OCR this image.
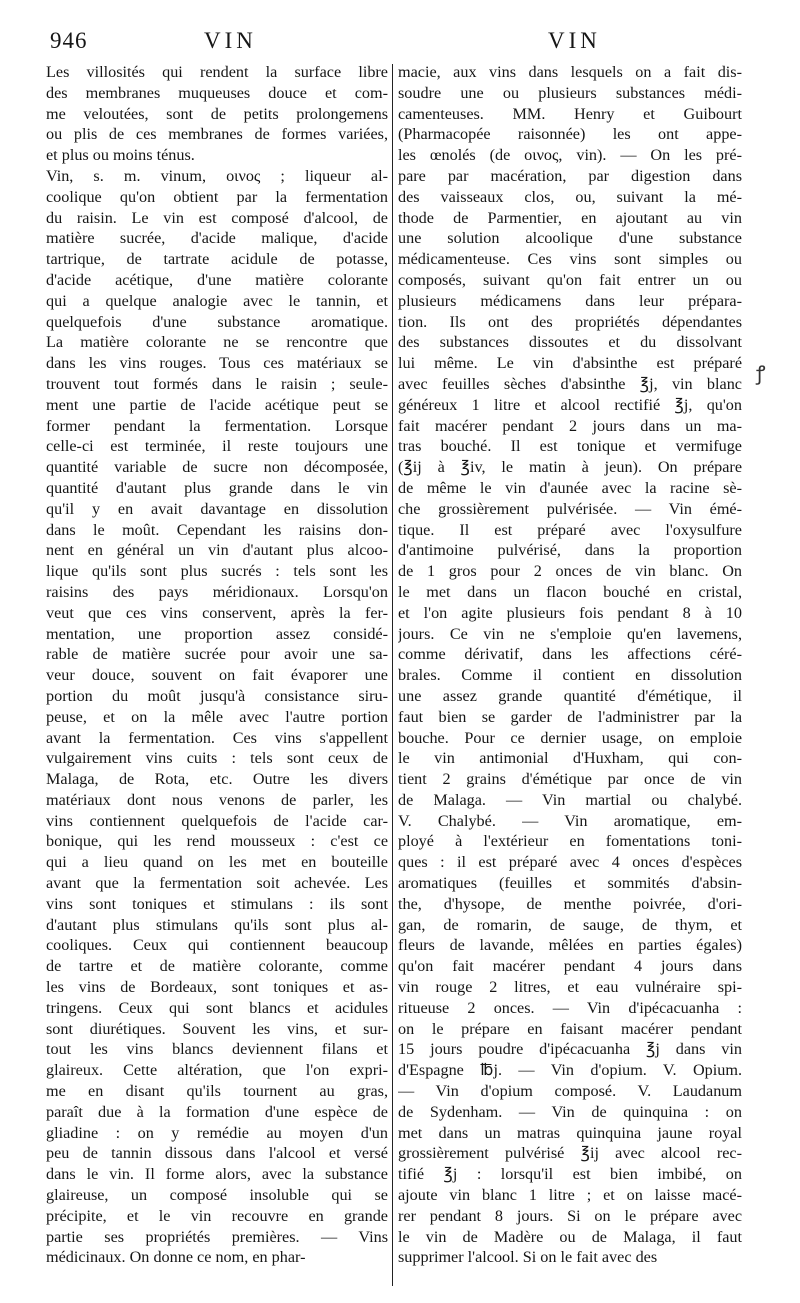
946	VIN	VIN
Les villosités qui rendent la surface libre
des membranes muqueuses douce et com-
me veloutées, sont de petits prolongemens
ou plis de ces membranes de formes variées,
et plus ou moins ténus.
Vin, s. m. vinum, οινος ; liqueur al-
coolique qu'on obtient par la fermentation
du raisin. Le vin est composé d'alcool, de
matière sucrée, d'acide malique, d'acide
tartrique, de tartrate acidule de potasse,
d'acide acétique, d'une matière colorante
qui a quelque analogie avec le tannin, et
quelquefois d'une substance aromatique.
La matière colorante ne se rencontre que
dans les vins rouges. Tous ces matériaux se
trouvent tout formés dans le raisin ; seule-
ment une partie de l'acide acétique peut se
former pendant la fermentation. Lorsque
celle-ci est terminée, il reste toujours une
quantité variable de sucre non décomposée,
quantité d'autant plus grande dans le vin
qu'il y en avait davantage en dissolution
dans le moût. Cependant les raisins don-
nent en général un vin d'autant plus alcoo-
lique qu'ils sont plus sucrés : tels sont les
raisins des pays méridionaux. Lorsqu'on
veut que ces vins conservent, après la fer-
mentation, une proportion assez considé-
rable de matière sucrée pour avoir une sa-
veur douce, souvent on fait évaporer une
portion du moût jusqu'à consistance siru-
peuse, et on la mêle avec l'autre portion
avant la fermentation. Ces vins s'appellent
vulgairement vins cuits : tels sont ceux de
Malaga, de Rota, etc. Outre les divers
matériaux dont nous venons de parler, les
vins contiennent quelquefois de l'acide car-
bonique, qui les rend mousseux : c'est ce
qui a lieu quand on les met en bouteille
avant que la fermentation soit achevée. Les
vins sont toniques et stimulans : ils sont
d'autant plus stimulans qu'ils sont plus al-
cooliques. Ceux qui contiennent beaucoup
de tartre et de matière colorante, comme
les vins de Bordeaux, sont toniques et as-
tringens. Ceux qui sont blancs et acidules
sont diurétiques. Souvent les vins, et sur-
tout les vins blancs deviennent filans et
glaireux. Cette altération, que l'on expri-
me en disant qu'ils tournent au gras,
paraît due à la formation d'une espèce de
gliadine : on y remédie au moyen d'un
peu de tannin dissous dans l'alcool et versé
dans le vin. Il forme alors, avec la substance
glaireuse, un composé insoluble qui se
précipite, et le vin recouvre en grande
partie ses propriétés premières. — Vins
médicinaux. On donne ce nom, en phar-
macie, aux vins dans lesquels on a fait dis-
soudre une ou plusieurs substances médi-
camenteuses. MM. Henry et Guibourt
(Pharmacopée raisonnée) les ont appe-
les œnolés (de οινος, vin). — On les pré-
pare par macération, par digestion dans
des vaisseaux clos, ou, suivant la mé-
thode de Parmentier, en ajoutant au vin
une solution alcoolique d'une substance
médicamenteuse. Ces vins sont simples ou
composés, suivant qu'on fait entrer un ou
plusieurs médicamens dans leur prépara-
tion. Ils ont des propriétés dépendantes
des substances dissoutes et du dissolvant
lui même. Le vin d'absinthe est préparé
avec feuilles sèches d'absinthe ℥j, vin blanc
généreux 1 litre et alcool rectifié ℥j, qu'on
fait macérer pendant 2 jours dans un ma-
tras bouché. Il est tonique et vermifuge
(℥ij à ℥iv, le matin à jeun). On prépare
de même le vin d'aunée avec la racine sè-
che grossièrement pulvérisée. — Vin émé-
tique. Il est préparé avec l'oxysulfure
d'antimoine pulvérisé, dans la proportion
de 1 gros pour 2 onces de vin blanc. On
le met dans un flacon bouché en cristal,
et l'on agite plusieurs fois pendant 8 à 10
jours. Ce vin ne s'emploie qu'en lavemens,
comme dérivatif, dans les affections céré-
brales. Comme il contient en dissolution
une assez grande quantité d'émétique, il
faut bien se garder de l'administrer par la
bouche. Pour ce dernier usage, on emploie
le vin antimonial d'Huxham, qui con-
tient 2 grains d'émétique par once de vin
de Malaga. — Vin martial ou chalybé.
V. Chalybé. — Vin aromatique, em-
ployé à l'extérieur en fomentations toni-
ques : il est préparé avec 4 onces d'espèces
aromatiques (feuilles et sommités d'absin-
the, d'hysope, de menthe poivrée, d'ori-
gan, de romarin, de sauge, de thym, et
fleurs de lavande, mêlées en parties égales)
qu'on fait macérer pendant 4 jours dans
vin rouge 2 litres, et eau vulnéraire spi-
ritueuse 2 onces. — Vin d'ipécacuanha :
on le prépare en faisant macérer pendant
15 jours poudre d'ipécacuanha ℥j dans vin
d'Espagne ℔j. — Vin d'opium. V. Opium.
— Vin d'opium composé. V. Laudanum
de Sydenham. — Vin de quinquina : on
met dans un matras quinquina jaune royal
grossièrement pulvérisé ℥ij avec alcool rec-
tifié ℥j : lorsqu'il est bien imbibé, on
ajoute vin blanc 1 litre ; et on laisse macé-
rer pendant 8 jours. Si on le prépare avec
le vin de Madère ou de Malaga, il faut
supprimer l'alcool. Si on le fait avec des
ꝭ
